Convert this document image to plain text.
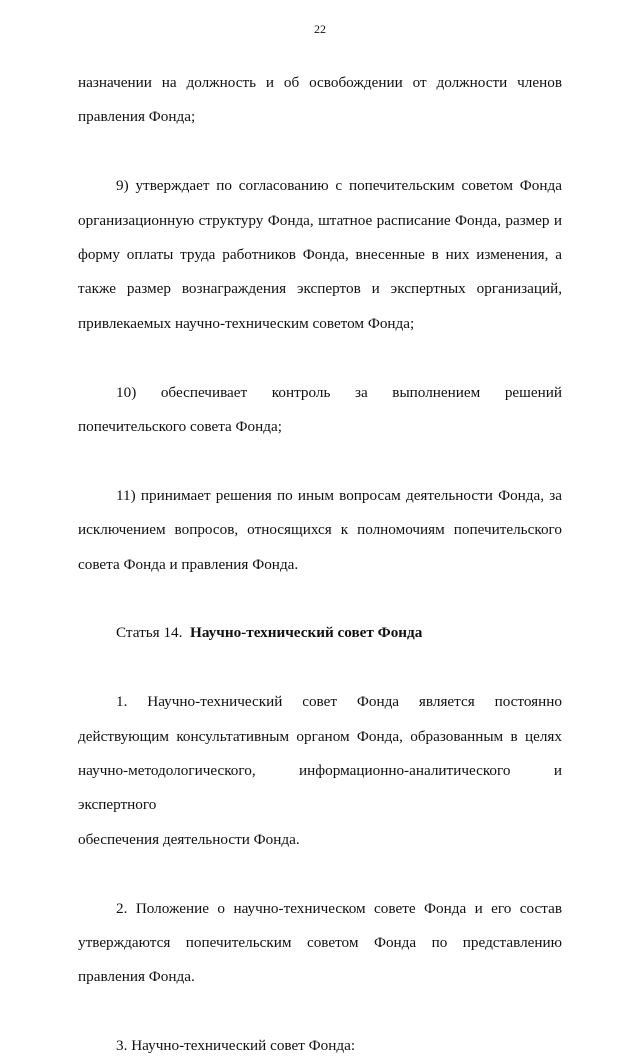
22
назначении на должность и об освобождении от должности членов
правления Фонда;
9) утверждает по согласованию с попечительским советом Фонда
организационную структуру Фонда, штатное расписание Фонда, размер и
форму оплаты труда работников Фонда, внесенные в них изменения, а
также размер вознаграждения экспертов и экспертных организаций,
привлекаемых научно-техническим советом Фонда;
10) обеспечивает контроль за выполнением решений
попечительского совета Фонда;
11) принимает решения по иным вопросам деятельности Фонда, за
исключением вопросов, относящихся к полномочиям попечительского
совета Фонда и правления Фонда.
Статья 14. Научно-технический совет Фонда
1. Научно-технический совет Фонда является постоянно
действующим консультативным органом Фонда, образованным в целях
научно-методологического, информационно-аналитического и экспертного
обеспечения деятельности Фонда.
2. Положение о научно-техническом совете Фонда и его состав
утверждаются попечительским советом Фонда по представлению
правления Фонда.
3. Научно-технический совет Фонда:
